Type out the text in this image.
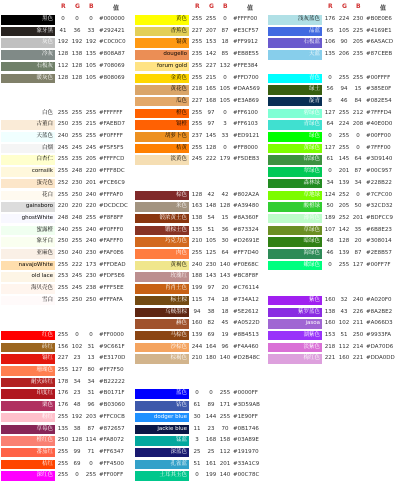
R G B	值
黑色	0	0	0	#000000
象牙黑	41	36	33 #292421
灰色 192 192 192 #C0C0C0
冷灰 128 138 135 #808A87
石板灰 112 128 105 #708069
暖灰色 128 128 105 #808069
白色 255 255 255 #FFFFFF
古董白 250 235 215 #FAEBD7
天蓝色 240 255 255 #F0FFFF
白烟 245 245 245 #F5F5F5
白杏仁 255 235 205 #FFFFCD
cornsilk 255 248 220 #FFF8DC
蛋壳色 252 230 201 #FCE6C9
花白 255 250 240 #FFFAF0
gainsboro 220 220 220 #DCDCDC
ghostWhite 248 248 255 #F8F8FF
蜜露橙 240 255 240 #F0FFF0
象牙白 250 255 240 #FAFFF0
亚麻色 250 240 230 #FAF0E6
navajoWhite 255 222 173 #FFDEAD
old lace 253 245 230 #FDF5E6
海贝壳色 255 245 238 #FFF5EE
雪白 255 250 250 #FFFAFA
红色 255	0	0	#FF0000
砖红 156 102 31 #9C661F
镉红 227 23	13 #E3170D
珊瑚色 255 127 80 #FF7F50
耐火砖红 178 34	34 #B22222
印度红 176 23	31 #B0171F
栗色 176 48	96 #B03060
粉红 255 192 203 #FFC0CB
草莓色 135 38	87 #872657
橙红色 250 128 114 #FA8072
番茄红 255 99	71 #FF6347
桔红 255 69	0	#FF4500
深红色 255	0	255 #FF00FF
R G B	值
黄色 255 255	0	#FFFF00
香蕉色 227 207 87 #E3CF57
镉黄 255 153 18 #FF9912
dougello 235 142 85 #EB8E55
forum gold 255 227 132 #FFE384
金黄色 255 215	0	#FFD700
黄花色 218 165 105 #DAA569
瓜色 227 168 105 #E3A869
橙色 255 97	0	#FF6100
镉橙 255 97	3	#FF6103
胡萝卜色 237 145 33 #ED9121
桔黄 255 128	0	#FF8000
淡黄色 245 222 179 #F5DEB3
棕色 128 42	42 #802A2A
米色 163 148 128 #A39480
锻浓黄土色 138 54	15 #8A360F
锻棕土色 135 51	36 #873324
巧克力色 210 105 30 #D2691E
肉色 255 125 64 #FF7D40
黄褐色 240 230 140 #F0E68C
玫瑰红 188 143 143 #BC8F8F
肖肖土色 199 97	20 #C76114
标土棕 115 74	18 #734A12
乌贼墨棕	94	38	18 #5E2612
赫色 160 82	45 #A0522D
马棕色 139 69	19 #8B4513
沙棕色 244 164 96 #F4A460
棕褐色 210 180 140 #D2B48C
蓝色	0	0	255 #0000FF
钴色	61	89 171 #3D59AB
dodger blue	30 144 255 #1E90FF
jackie blue	11	23	70 #0B1746
锰蓝	3	168 158 #03A89E
深蓝色	25	25 112 #191970
孔雀蓝	51 161 201 #33A1C9
土耳其玉色	0	199 140 #00C78C
R G B	值
浅灰蓝色 176 224 230 #B0E0E6
品蓝	65 105 225 #4169E1
石板蓝 106 90 205 #6A5ACD
天蓝 135 206 235 #87CEEB
青色	0	255 255 #00FFFF
绿土	56	94	15 #385E0F
靛青	8	46	84 #082E54
碧绿色 127 255 212 #7FFFD4
青绿色	64 224 208 #40E0D0
绿色	0	255	0	#00FF00
黄绿色 127 255	0	#7FFF00
钴绿色	61 145 64 #3D9140
翠绿色	0	201 87 #00C957
森林绿	34 139 34 #228B22
草地绿 124 252	0	#7CFC00
酸橙绿	50 205 50 #32CD32
薄荷色 189 252 201 #BDFCC9
草绿色 107 142 35 #6B8E23
暗绿色	48 128 20 #308014
海绿色	46 139 87 #2E8B57
嫩绿色	0	255 127 #00FF7F
紫色 160 32 240 #A020F0
紫罗蓝色 138 43 226 #8A2BE2
jasoa 160 102 211 #A066D3
湖紫色 153 51 250 #9933FA
淡紫色 218 112 214 #DA70D6
梅红色 221 160 221 #DDA0DD
